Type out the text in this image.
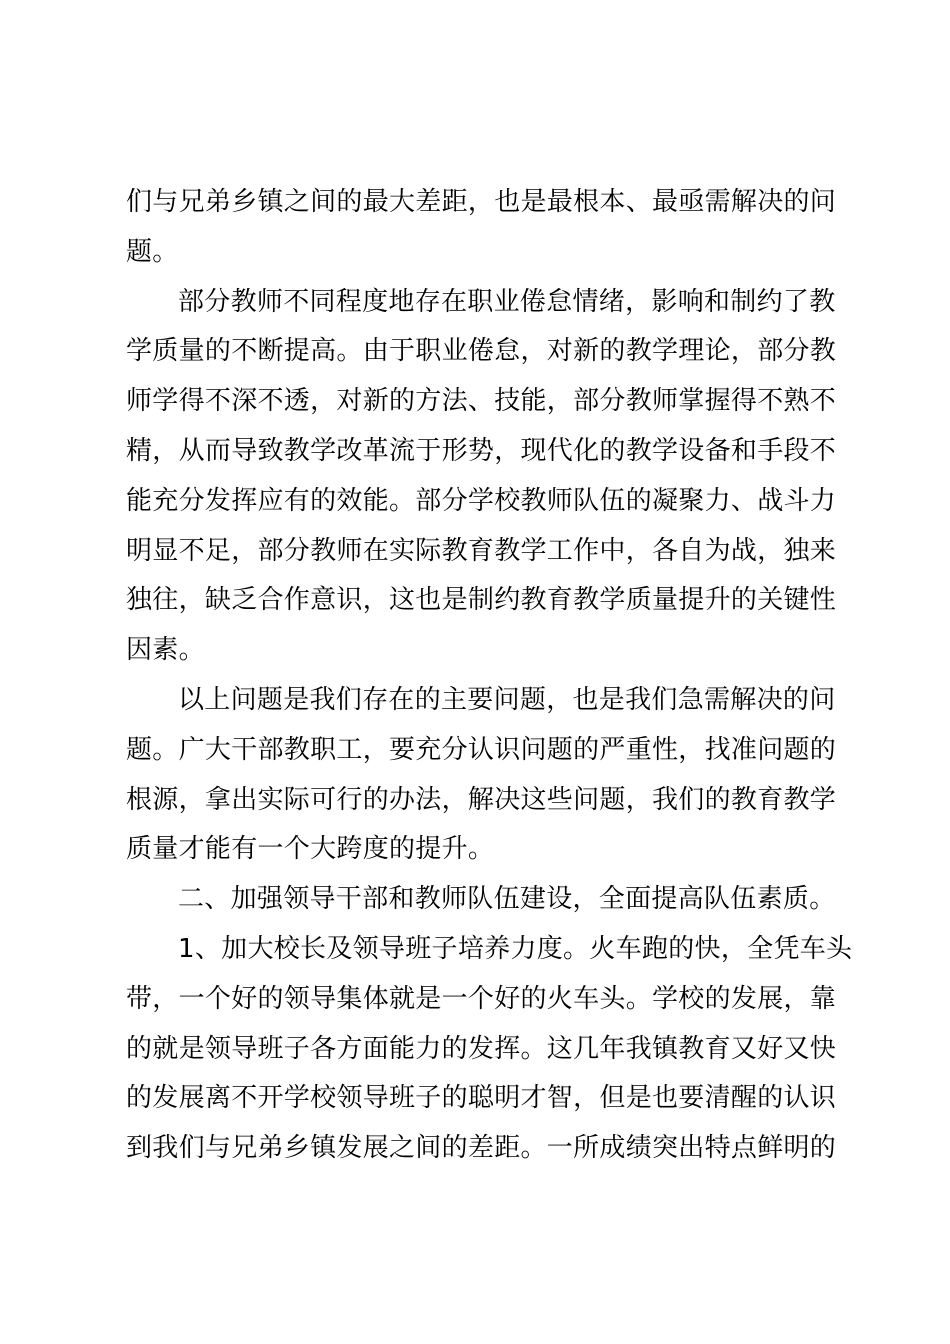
们与兄弟乡镇之间的最大差距，也是最根本、最亟需解决的问
题。
部分教师不同程度地存在职业倦怠情绪，影响和制约了教
学质量的不断提高。由于职业倦怠，对新的教学理论，部分教
师学得不深不透，对新的方法、技能，部分教师掌握得不熟不
精，从而导致教学改革流于形势，现代化的教学设备和手段不
能充分发挥应有的效能。部分学校教师队伍的凝聚力、战斗力
明显不足，部分教师在实际教育教学工作中，各自为战，独来
独往，缺乏合作意识，这也是制约教育教学质量提升的关键性
因素。
以上问题是我们存在的主要问题，也是我们急需解决的问
题。广大干部教职工，要充分认识问题的严重性，找准问题的
根源，拿出实际可行的办法，解决这些问题，我们的教育教学
质量才能有一个大跨度的提升。
二、加强领导干部和教师队伍建设，全面提高队伍素质。
1、加大校长及领导班子培养力度。火车跑的快，全凭车头
带，一个好的领导集体就是一个好的火车头。学校的发展，靠
的就是领导班子各方面能力的发挥。这几年我镇教育又好又快
的发展离不开学校领导班子的聪明才智，但是也要清醒的认识
到我们与兄弟乡镇发展之间的差距。一所成绩突出特点鲜明的
